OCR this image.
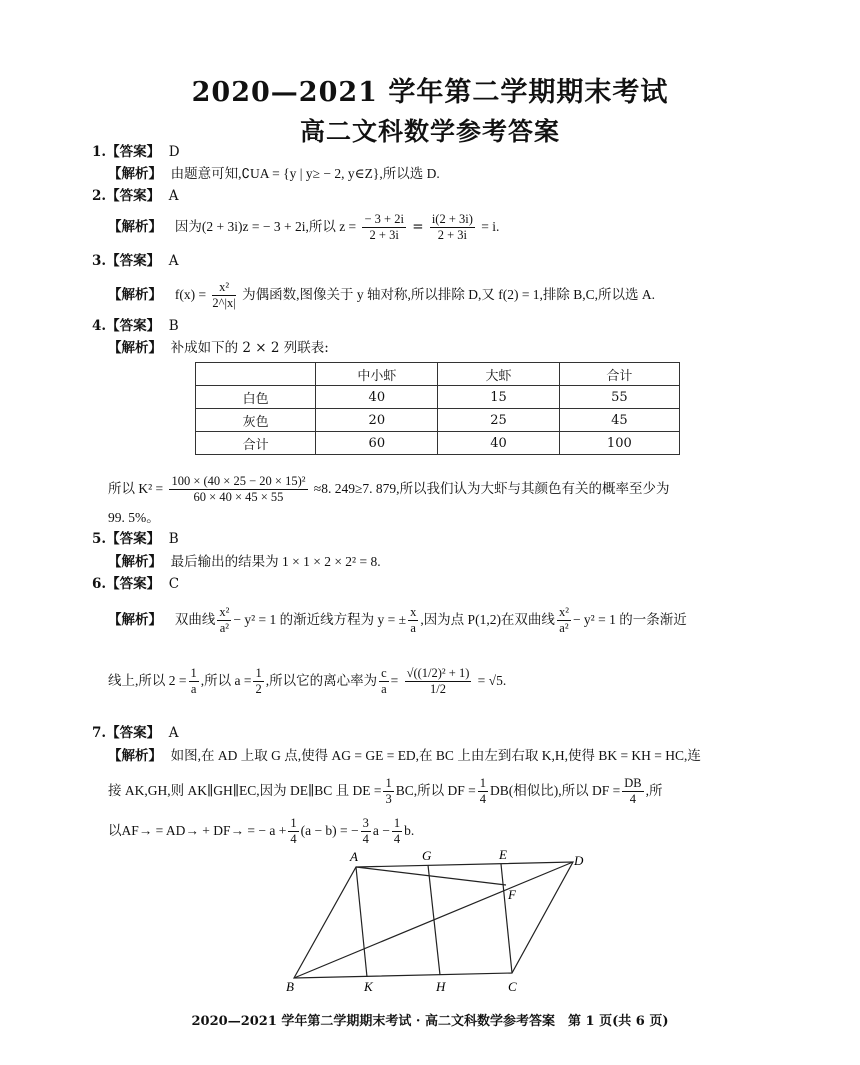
2020—2021 学年第二学期期末考试
高二文科数学参考答案
1.【答案】 D
【解析】 由题意可知,∁UA = {y | y≥ − 2, y∈Z},所以选 D.
2.【答案】 A
【解析】 因为(2 + 3i)z = − 3 + 2i,所以 $z = \frac{- 3 + 2i}{2 + 3i} = \frac{i(2 + 3i)}{2 + 3i} = i$.
3.【答案】 A
【解析】 $f(x) = \frac{\text{x²}}{2\^{}|x|}$ 为偶函数,图像关于 y 轴对称,所以排除 D,又 f(2) = 1,排除 B,C,所以选 A.
4.【答案】 B
【解析】 补成如下的 2 × 2 列联表:
	中小虾	大虾	合计
白色	40	15	55
灰色	20	25	45
合计	60	40	100
所以 $K^2 = \frac{\text{100 × (40 × 25 − 20 × 15)²}}{60 \times 40 \times 45 \times 55} \approx 8$. 249≥7. 879,所以我们认为大虾与其颜色有关的概率至少为
99. 5%。
5.【答案】 B
【解析】 最后输出的结果为 1 × 1 × 2 × 2² = 8.
6.【答案】 C
【解析】 双曲线 $\frac{\text{x²}}{\text{a²}} - y^2 = 1$ 的渐近线方程为 y = ± $\frac{x}{a}$ ,因为点 P(1,2)在双曲线 $\frac{\text{x²}}{\text{a²}} - y^2 = 1$ 的一条渐近
线上,所以 $2 = \frac{1}{a}$ ,所以 $a = \frac{1}{2}$ ,所以它的离心率为 $\frac{c}{a} = \frac{\text{√((1/2)² + 1)}}{1/2} = √5$.
7.【答案】 A
【解析】 如图,在 AD 上取 G 点,使得 AG = GE = ED,在 BC 上由左到右取 K,H,使得 BK = KH = HC,连
接 AK,GH,则 AK∥GH∥EC,因为 DE∥BC 且 DE = $\frac{1}{3}$ BC,所以 DF = $\frac{1}{4} DB$(相似比),所以 DF = $\frac{DB}{4}$ ,所
以AF→ = AD→ + DF→ = − $a + \frac{1}{4} (a - b)$ = − $\frac{3}{4}$ $a - \frac{1}{4} b$.
A	G	E	D
F
B	K	H	C
2020—2021 学年第二学期期末考试 · 高二文科数学参考答案　第 1 页(共 6 页)
